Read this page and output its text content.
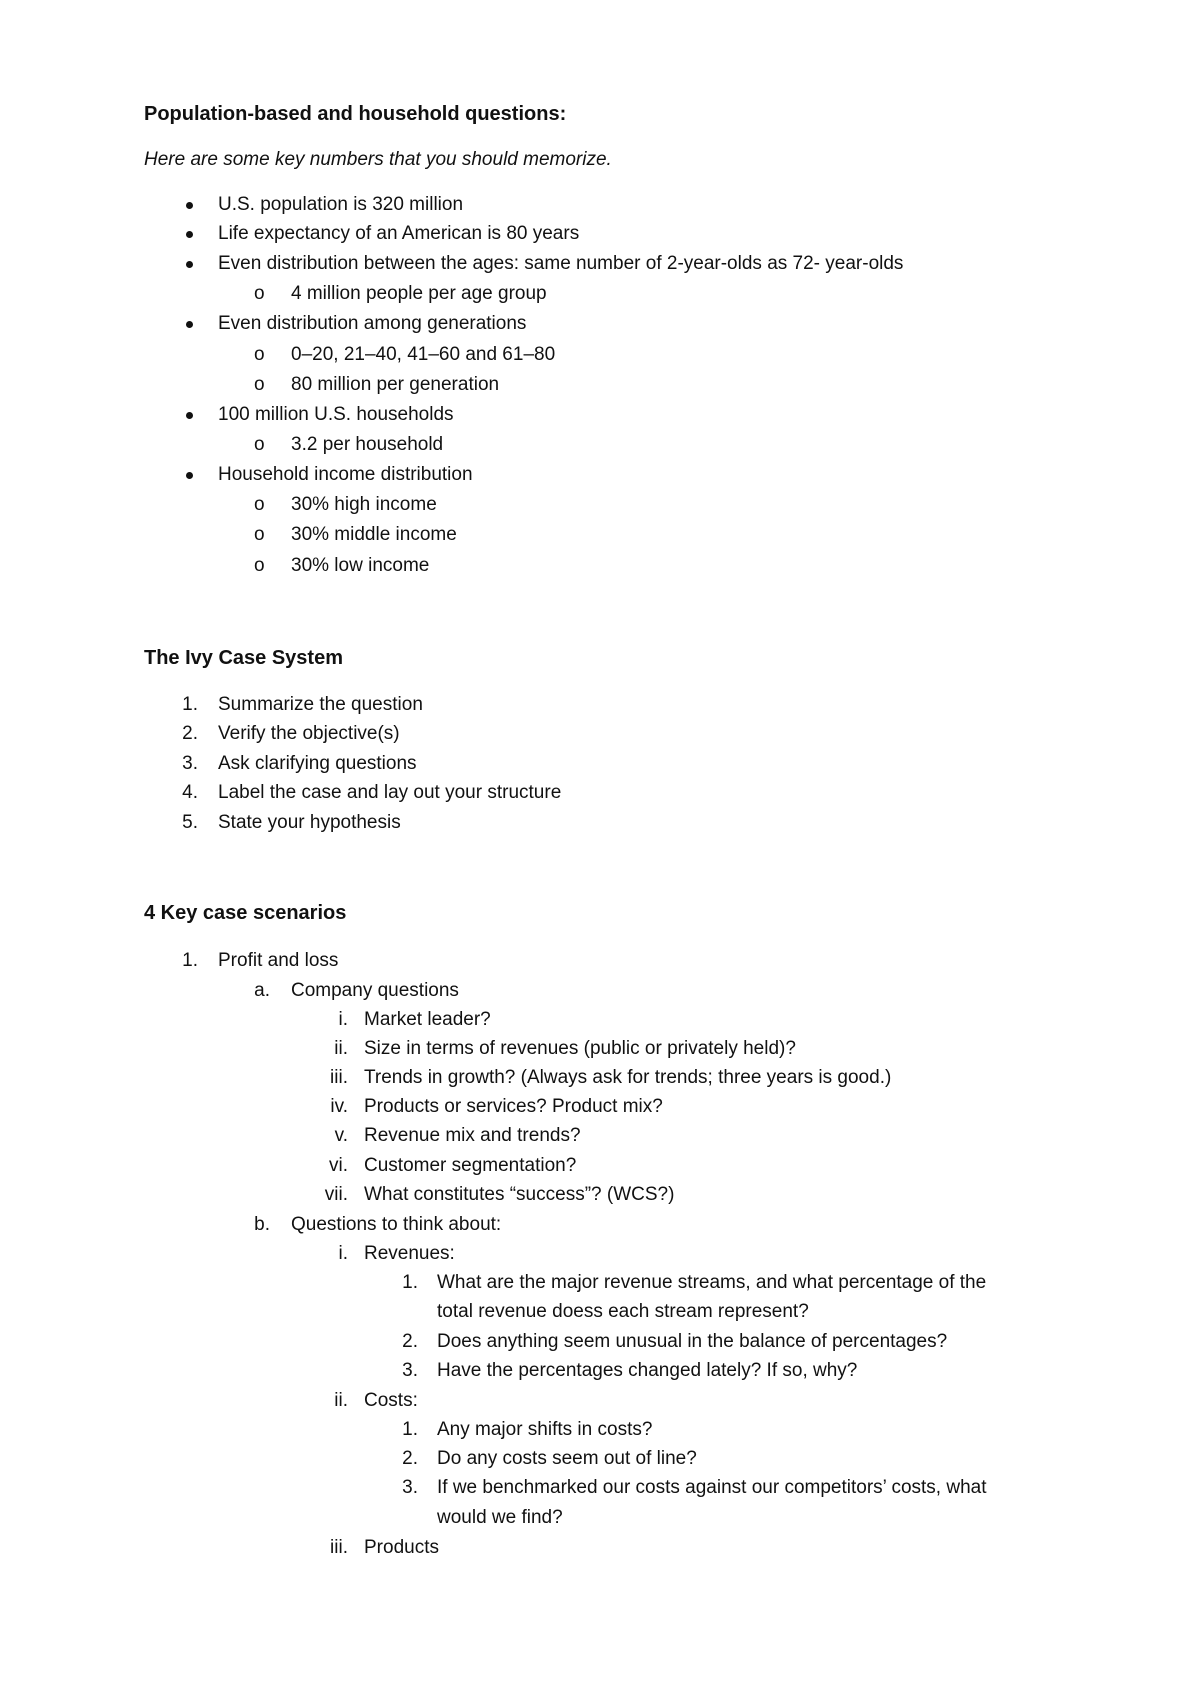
Population-based and household questions:
Here are some key numbers that you should memorize.
U.S. population is 320 million
Life expectancy of an American is 80 years
Even distribution between the ages: same number of 2-year-olds as 72- year-olds
o 4 million people per age group
Even distribution among generations
o 0–20, 21–40, 41–60 and 61–80
o 80 million per generation
100 million U.S. households
o 3.2 per household
Household income distribution
o 30% high income
o 30% middle income
o 30% low income
The Ivy Case System
1. Summarize the question
2. Verify the objective(s)
3. Ask clarifying questions
4. Label the case and lay out your structure
5. State your hypothesis
4 Key case scenarios
1. Profit and loss
a. Company questions
i. Market leader?
ii. Size in terms of revenues (public or privately held)?
iii. Trends in growth? (Always ask for trends; three years is good.)
iv. Products or services? Product mix?
v. Revenue mix and trends?
vi. Customer segmentation?
vii. What constitutes “success”? (WCS?)
b. Questions to think about:
i. Revenues:
1. What are the major revenue streams, and what percentage of the
total revenue doess each stream represent?
2. Does anything seem unusual in the balance of percentages?
3. Have the percentages changed lately? If so, why?
ii. Costs:
1. Any major shifts in costs?
2. Do any costs seem out of line?
3. If we benchmarked our costs against our competitors’ costs, what
would we find?
iii. Products
